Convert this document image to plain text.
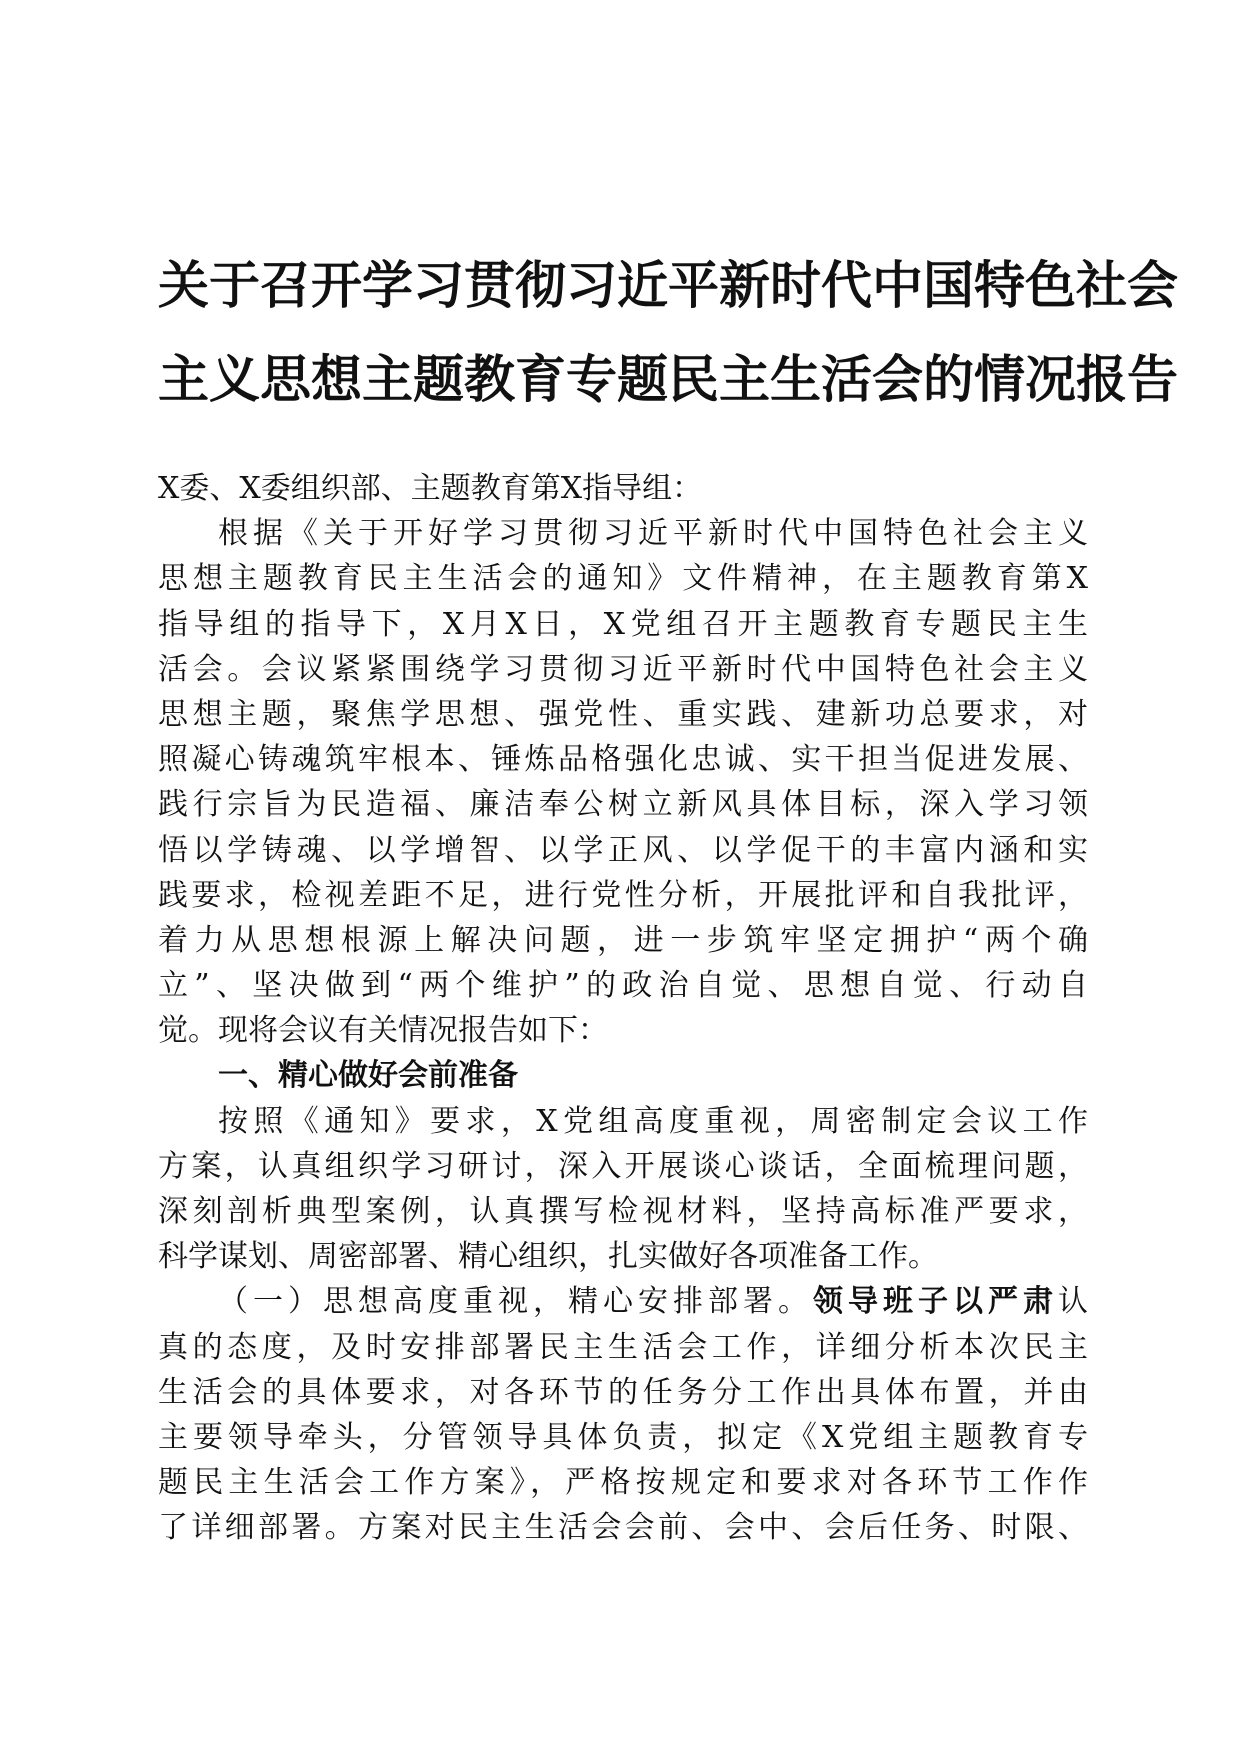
关于召开学习贯彻习近平新时代中国特色社会
主义思想主题教育专题民主生活会的情况报告
X委、X委组织部、主题教育第X指导组：
根据《关于开好学习贯彻习近平新时代中国特色社会主义
思想主题教育民主生活会的通知》文件精神，在主题教育第X
指导组的指导下，X月X日，X党组召开主题教育专题民主生
活会。会议紧紧围绕学习贯彻习近平新时代中国特色社会主义
思想主题，聚焦学思想、强党性、重实践、建新功总要求，对
照凝心铸魂筑牢根本、锤炼品格强化忠诚、实干担当促进发展、
践行宗旨为民造福、廉洁奉公树立新风具体目标，深入学习领
悟以学铸魂、以学增智、以学正风、以学促干的丰富内涵和实
践要求，检视差距不足，进行党性分析，开展批评和自我批评，
着力从思想根源上解决问题，进一步筑牢坚定拥护“两个确
立”、坚决做到“两个维护”的政治自觉、思想自觉、行动自
觉。现将会议有关情况报告如下：
一、精心做好会前准备
按照《通知》要求，X党组高度重视，周密制定会议工作
方案，认真组织学习研讨，深入开展谈心谈话，全面梳理问题，
深刻剖析典型案例，认真撰写检视材料，坚持高标准严要求，
科学谋划、周密部署、精心组织，扎实做好各项准备工作。
（一）思想高度重视，精心安排部署。领导班子以严肃认
真的态度，及时安排部署民主生活会工作，详细分析本次民主
生活会的具体要求，对各环节的任务分工作出具体布置，并由
主要领导牵头，分管领导具体负责，拟定《X党组主题教育专
题民主生活会工作方案》，严格按规定和要求对各环节工作作
了详细部署。方案对民主生活会会前、会中、会后任务、时限、
